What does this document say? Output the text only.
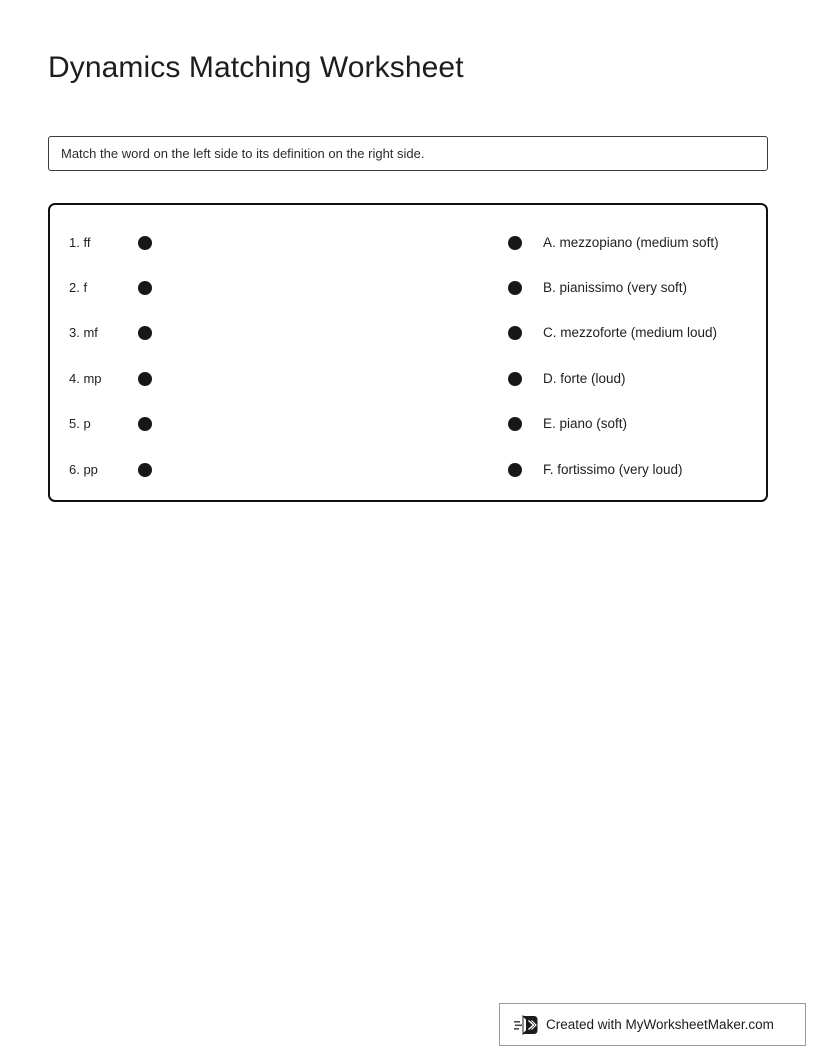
Dynamics Matching Worksheet
Match the word on the left side to its definition on the right side.
1. ff	A. mezzopiano (medium soft)
2. f	B. pianissimo (very soft)
3. mf	C. mezzoforte (medium loud)
4. mp	D. forte (loud)
5. p	E. piano (soft)
6. pp	F. fortissimo (very loud)
Created with MyWorksheetMaker.com
